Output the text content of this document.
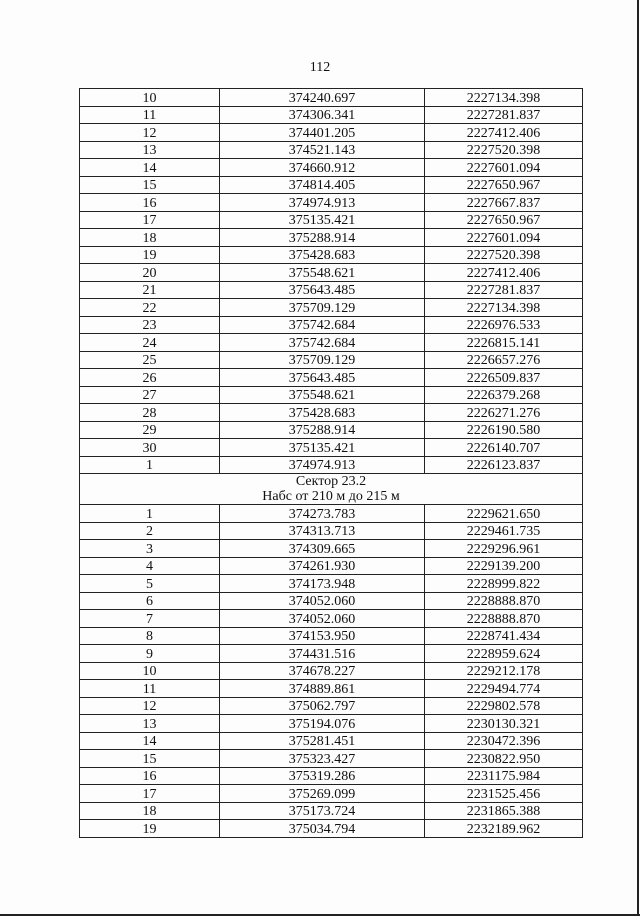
112
10	374240.697	2227134.398
11	374306.341	2227281.837
12	374401.205	2227412.406
13	374521.143	2227520.398
14	374660.912	2227601.094
15	374814.405	2227650.967
16	374974.913	2227667.837
17	375135.421	2227650.967
18	375288.914	2227601.094
19	375428.683	2227520.398
20	375548.621	2227412.406
21	375643.485	2227281.837
22	375709.129	2227134.398
23	375742.684	2226976.533
24	375742.684	2226815.141
25	375709.129	2226657.276
26	375643.485	2226509.837
27	375548.621	2226379.268
28	375428.683	2226271.276
29	375288.914	2226190.580
30	375135.421	2226140.707
1	374974.913	2226123.837

Сектор 23.2
Набс от 210 м до 215 м		

1	374273.783	2229621.650
2	374313.713	2229461.735
3	374309.665	2229296.961
4	374261.930	2229139.200
5	374173.948	2228999.822
6	374052.060	2228888.870
7	374052.060	2228888.870
8	374153.950	2228741.434
9	374431.516	2228959.624
10	374678.227	2229212.178
11	374889.861	2229494.774
12	375062.797	2229802.578
13	375194.076	2230130.321
14	375281.451	2230472.396
15	375323.427	2230822.950
16	375319.286	2231175.984
17	375269.099	2231525.456
18	375173.724	2231865.388
19	375034.794	2232189.962
